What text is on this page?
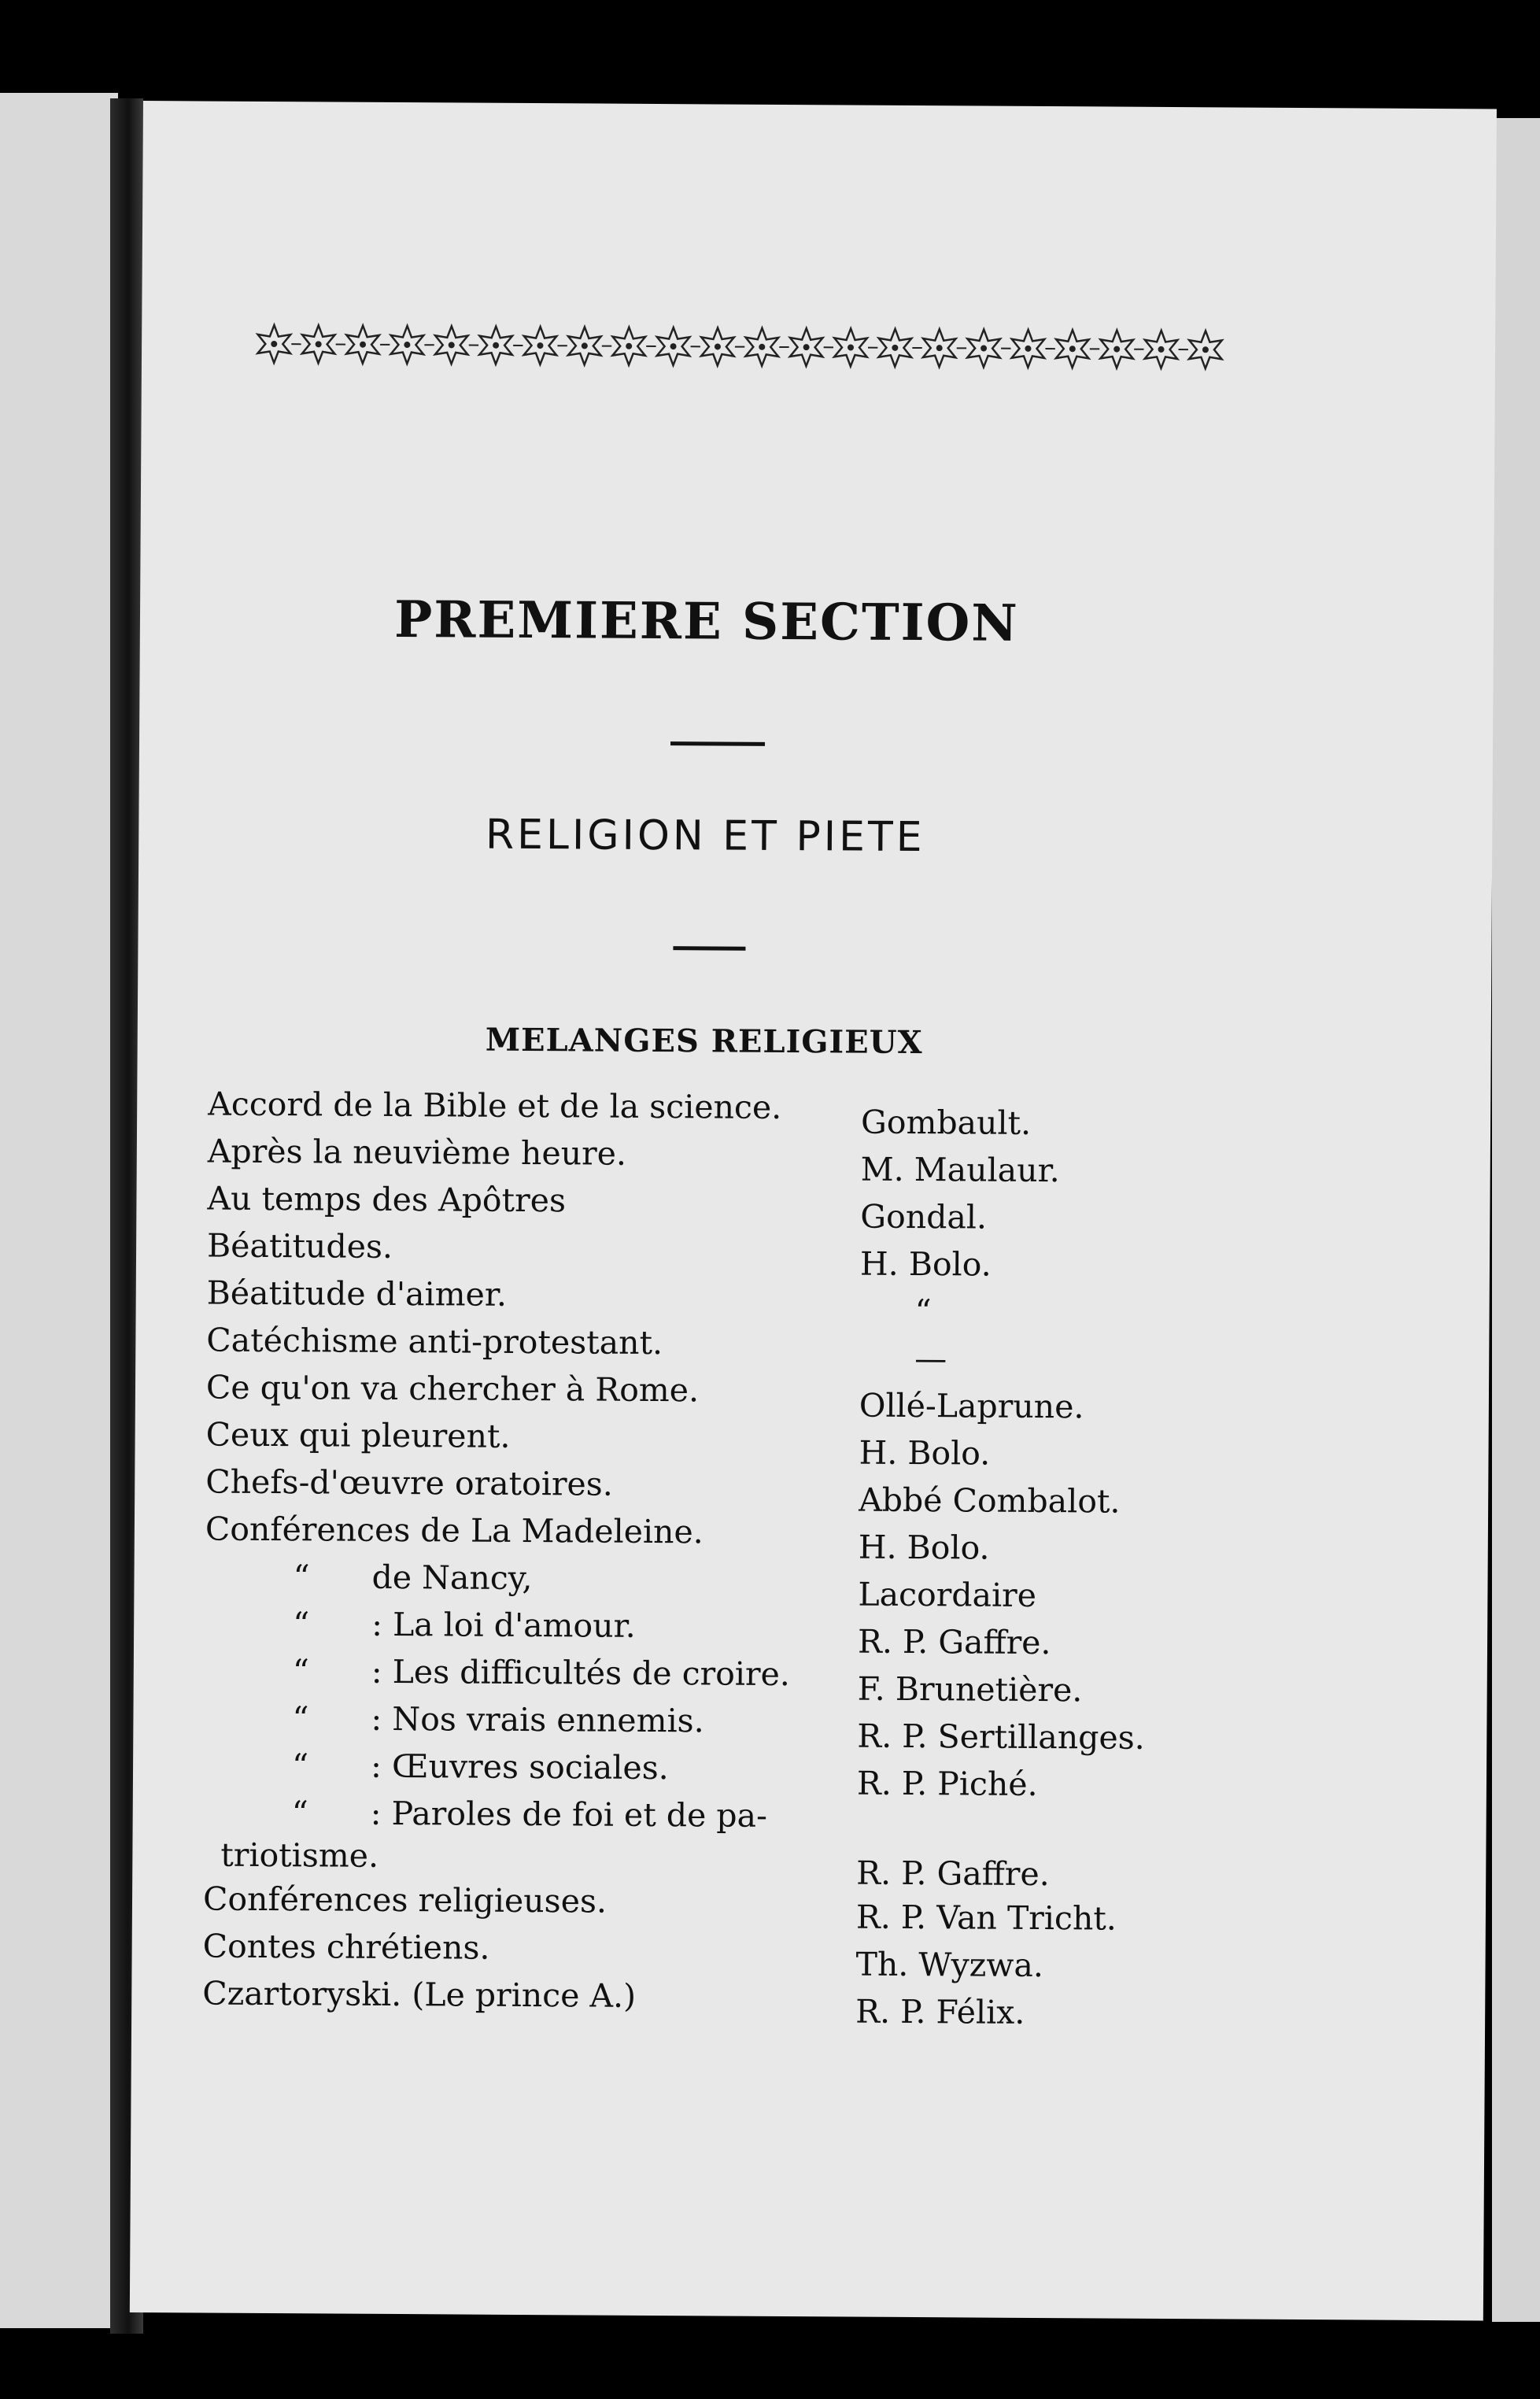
PREMIERE SECTION
RELIGION ET PIETE
MELANGES RELIGIEUX
Accord de la Bible et de la science. Gombault.
Après la neuvième heure.	M. Maulaur.
Au temps des Apôtres	Gondal.
Béatitudes.	H. Bolo.
Béatitude d'aimer.	“
Catéchisme anti-protestant.	—
Ce qu'on va chercher à Rome.	Ollé-Laprune.
Ceux qui pleurent.	H. Bolo.
Chefs-d'œuvre oratoires.	Abbé Combalot.
Conférences de La Madeleine.	H. Bolo.
“ de Nancy,	Lacordaire
“ : La loi d'amour.	R. P. Gaffre.
“ : Les difficultés de croire.	F. Brunetière.
“ : Nos vrais ennemis.	R. P. Sertillanges.
“ : Œuvres sociales.	R. P. Piché.
“ : Paroles de foi et de pa-
triotisme.	R. P. Gaffre.
Conférences religieuses.	R. P. Van Tricht.
Contes chrétiens.	Th. Wyzwa.
Czartoryski. (Le prince A.)	R. P. Félix.
